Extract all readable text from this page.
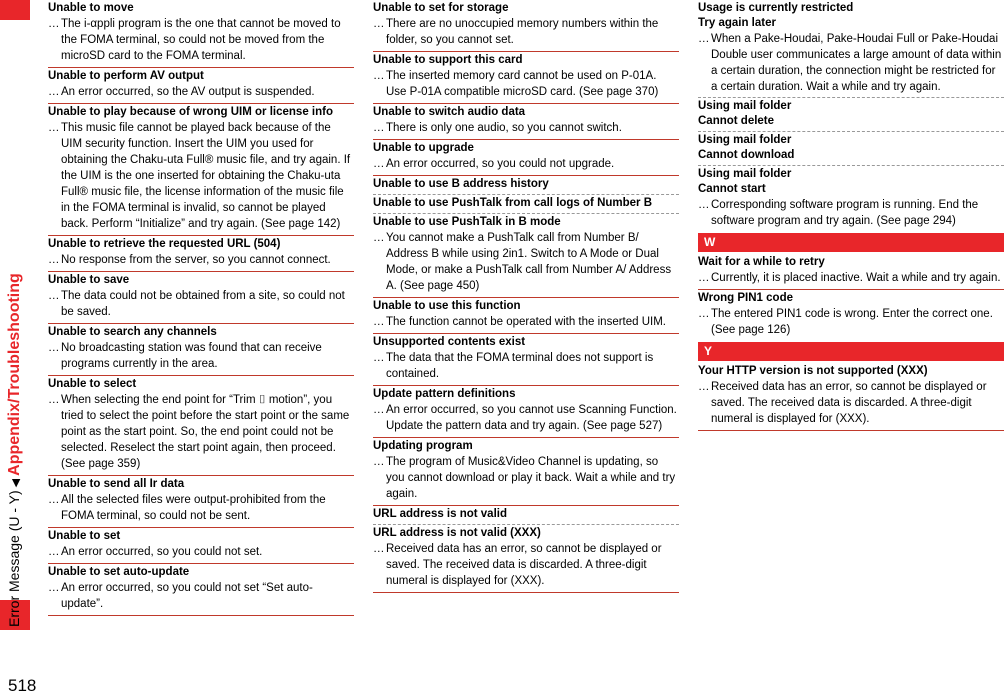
Error Message (U - Y)◀Appendix/Troubleshooting
518
Unable to move
… The i-αppli program is the one that cannot be moved to the FOMA terminal, so could not be moved from the microSD card to the FOMA terminal.
Unable to perform AV output
… An error occurred, so the AV output is suspended.
Unable to play because of wrong UIM or license info
… This music file cannot be played back because of the UIM security function. Insert the UIM you used for obtaining the Chaku-uta Full® music file, and try again. If the UIM is the one inserted for obtaining the Chaku-uta Full® music file, the license information of the music file in the FOMA terminal is invalid, so cannot be played back. Perform “Initialize” and try again. (See page 142)
Unable to retrieve the requested URL (504)
… No response from the server, so you cannot connect.
Unable to save
… The data could not be obtained from a site, so could not be saved.
Unable to search any channels
… No broadcasting station was found that can receive programs currently in the area.
Unable to select
… When selecting the end point for “Trim ⌷ motion”, you tried to select the point before the start point or the same point as the start point. So, the end point could not be selected. Reselect the start point again, then proceed. (See page 359)
Unable to send all Ir data
… All the selected files were output-prohibited from the FOMA terminal, so could not be sent.
Unable to set
… An error occurred, so you could not set.
Unable to set auto-update
… An error occurred, so you could not set “Set auto-update”.
Unable to set for storage
… There are no unoccupied memory numbers within the folder, so you cannot set.
Unable to support this card
… The inserted memory card cannot be used on P-01A. Use P-01A compatible microSD card. (See page 370)
Unable to switch audio data
… There is only one audio, so you cannot switch.
Unable to upgrade
… An error occurred, so you could not upgrade.
Unable to use B address history
Unable to use PushTalk from call logs of Number B
Unable to use PushTalk in B mode
… You cannot make a PushTalk call from Number B/ Address B while using 2in1. Switch to A Mode or Dual Mode, or make a PushTalk call from Number A/ Address A. (See page 450)
Unable to use this function
… The function cannot be operated with the inserted UIM.
Unsupported contents exist
… The data that the FOMA terminal does not support is contained.
Update pattern definitions
… An error occurred, so you cannot use Scanning Function. Update the pattern data and try again. (See page 527)
Updating program
… The program of Music&Video Channel is updating, so you cannot download or play it back. Wait a while and try again.
URL address is not valid
URL address is not valid (XXX)
… Received data has an error, so cannot be displayed or saved. The received data is discarded. A three-digit numeral is displayed for (XXX).
Usage is currently restricted
Try again later
… When a Pake-Houdai, Pake-Houdai Full or Pake-Houdai Double user communicates a large amount of data within a certain duration, the connection might be restricted for a certain duration. Wait a while and try again.
Using mail folder
Cannot delete
Using mail folder
Cannot download
Using mail folder
Cannot start
… Corresponding software program is running. End the software program and try again. (See page 294)
W
Wait for a while to retry
… Currently, it is placed inactive. Wait a while and try again.
Wrong PIN1 code
… The entered PIN1 code is wrong. Enter the correct one. (See page 126)
Y
Your HTTP version is not supported (XXX)
… Received data has an error, so cannot be displayed or saved. The received data is discarded. A three-digit numeral is displayed for (XXX).
